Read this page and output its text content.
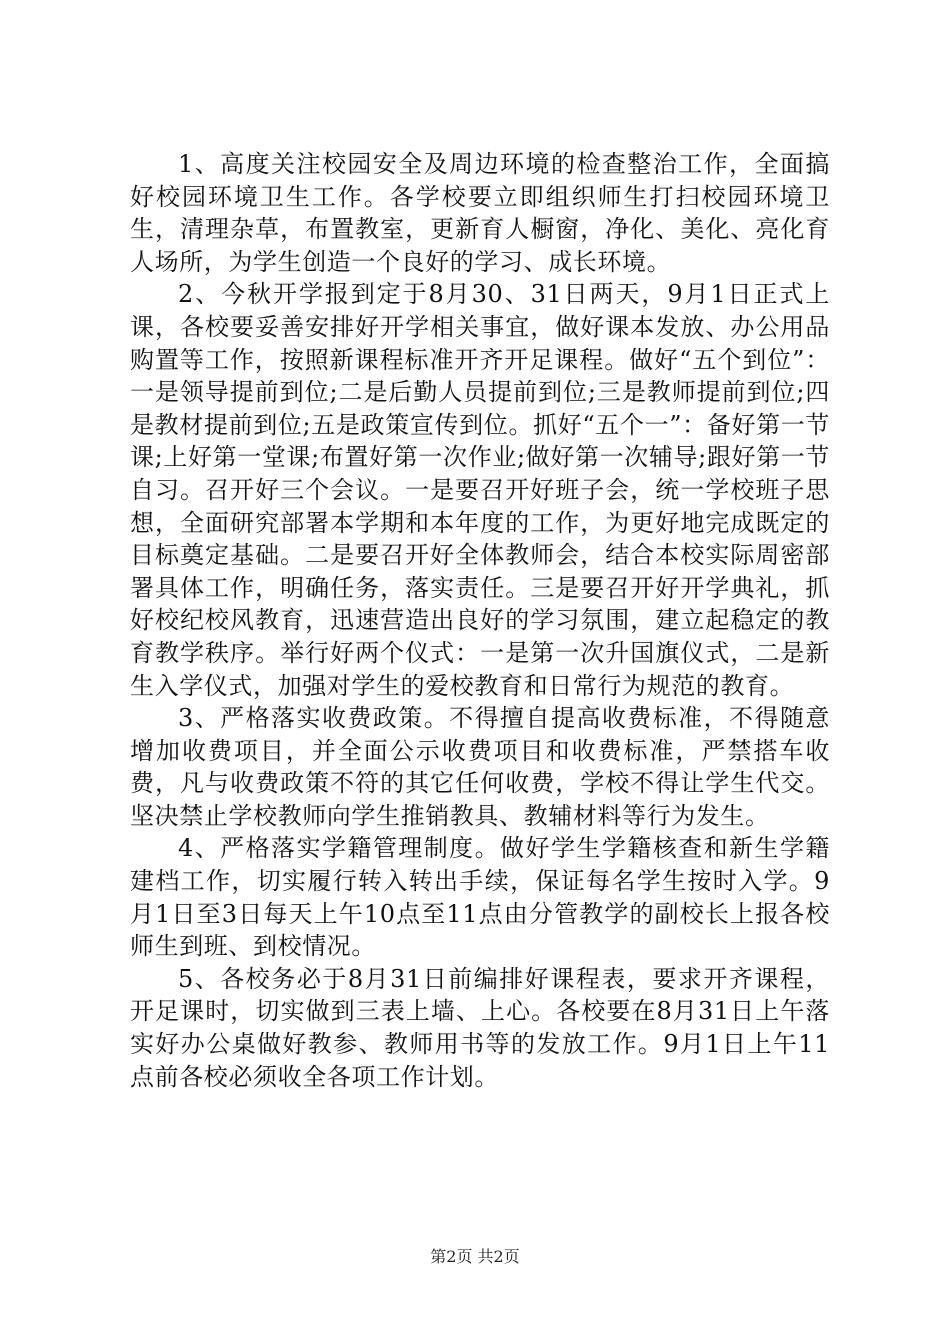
1、高度关注校园安全及周边环境的检查整治工作，全面搞好校园环境卫生工作。各学校要立即组织师生打扫校园环境卫生，清理杂草，布置教室，更新育人橱窗，净化、美化、亮化育人场所，为学生创造一个良好的学习、成长环境。

2、今秋开学报到定于8月30、31日两天，9月1日正式上课，各校要妥善安排好开学相关事宜，做好课本发放、办公用品购置等工作，按照新课程标准开齐开足课程。做好“五个到位”：一是领导提前到位;二是后勤人员提前到位;三是教师提前到位;四是教材提前到位;五是政策宣传到位。抓好“五个一”：备好第一节课;上好第一堂课;布置好第一次作业;做好第一次辅导;跟好第一节自习。召开好三个会议。一是要召开好班子会，统一学校班子思想，全面研究部署本学期和本年度的工作，为更好地完成既定的目标奠定基础。二是要召开好全体教师会，结合本校实际周密部署具体工作，明确任务，落实责任。三是要召开好开学典礼，抓好校纪校风教育，迅速营造出良好的学习氛围，建立起稳定的教育教学秩序。举行好两个仪式：一是第一次升国旗仪式，二是新生入学仪式，加强对学生的爱校教育和日常行为规范的教育。

3、严格落实收费政策。不得擅自提高收费标准，不得随意增加收费项目，并全面公示收费项目和收费标准，严禁搭车收费，凡与收费政策不符的其它任何收费，学校不得让学生代交。坚决禁止学校教师向学生推销教具、教辅材料等行为发生。

4、严格落实学籍管理制度。做好学生学籍核查和新生学籍建档工作，切实履行转入转出手续，保证每名学生按时入学。9月1日至3日每天上午10点至11点由分管教学的副校长上报各校师生到班、到校情况。

5、各校务必于8月31日前编排好课程表，要求开齐课程，开足课时，切实做到三表上墙、上心。各校要在8月31日上午落实好办公桌做好教参、教师用书等的发放工作。9月1日上午11点前各校必须收全各项工作计划。

第2页 共2页
